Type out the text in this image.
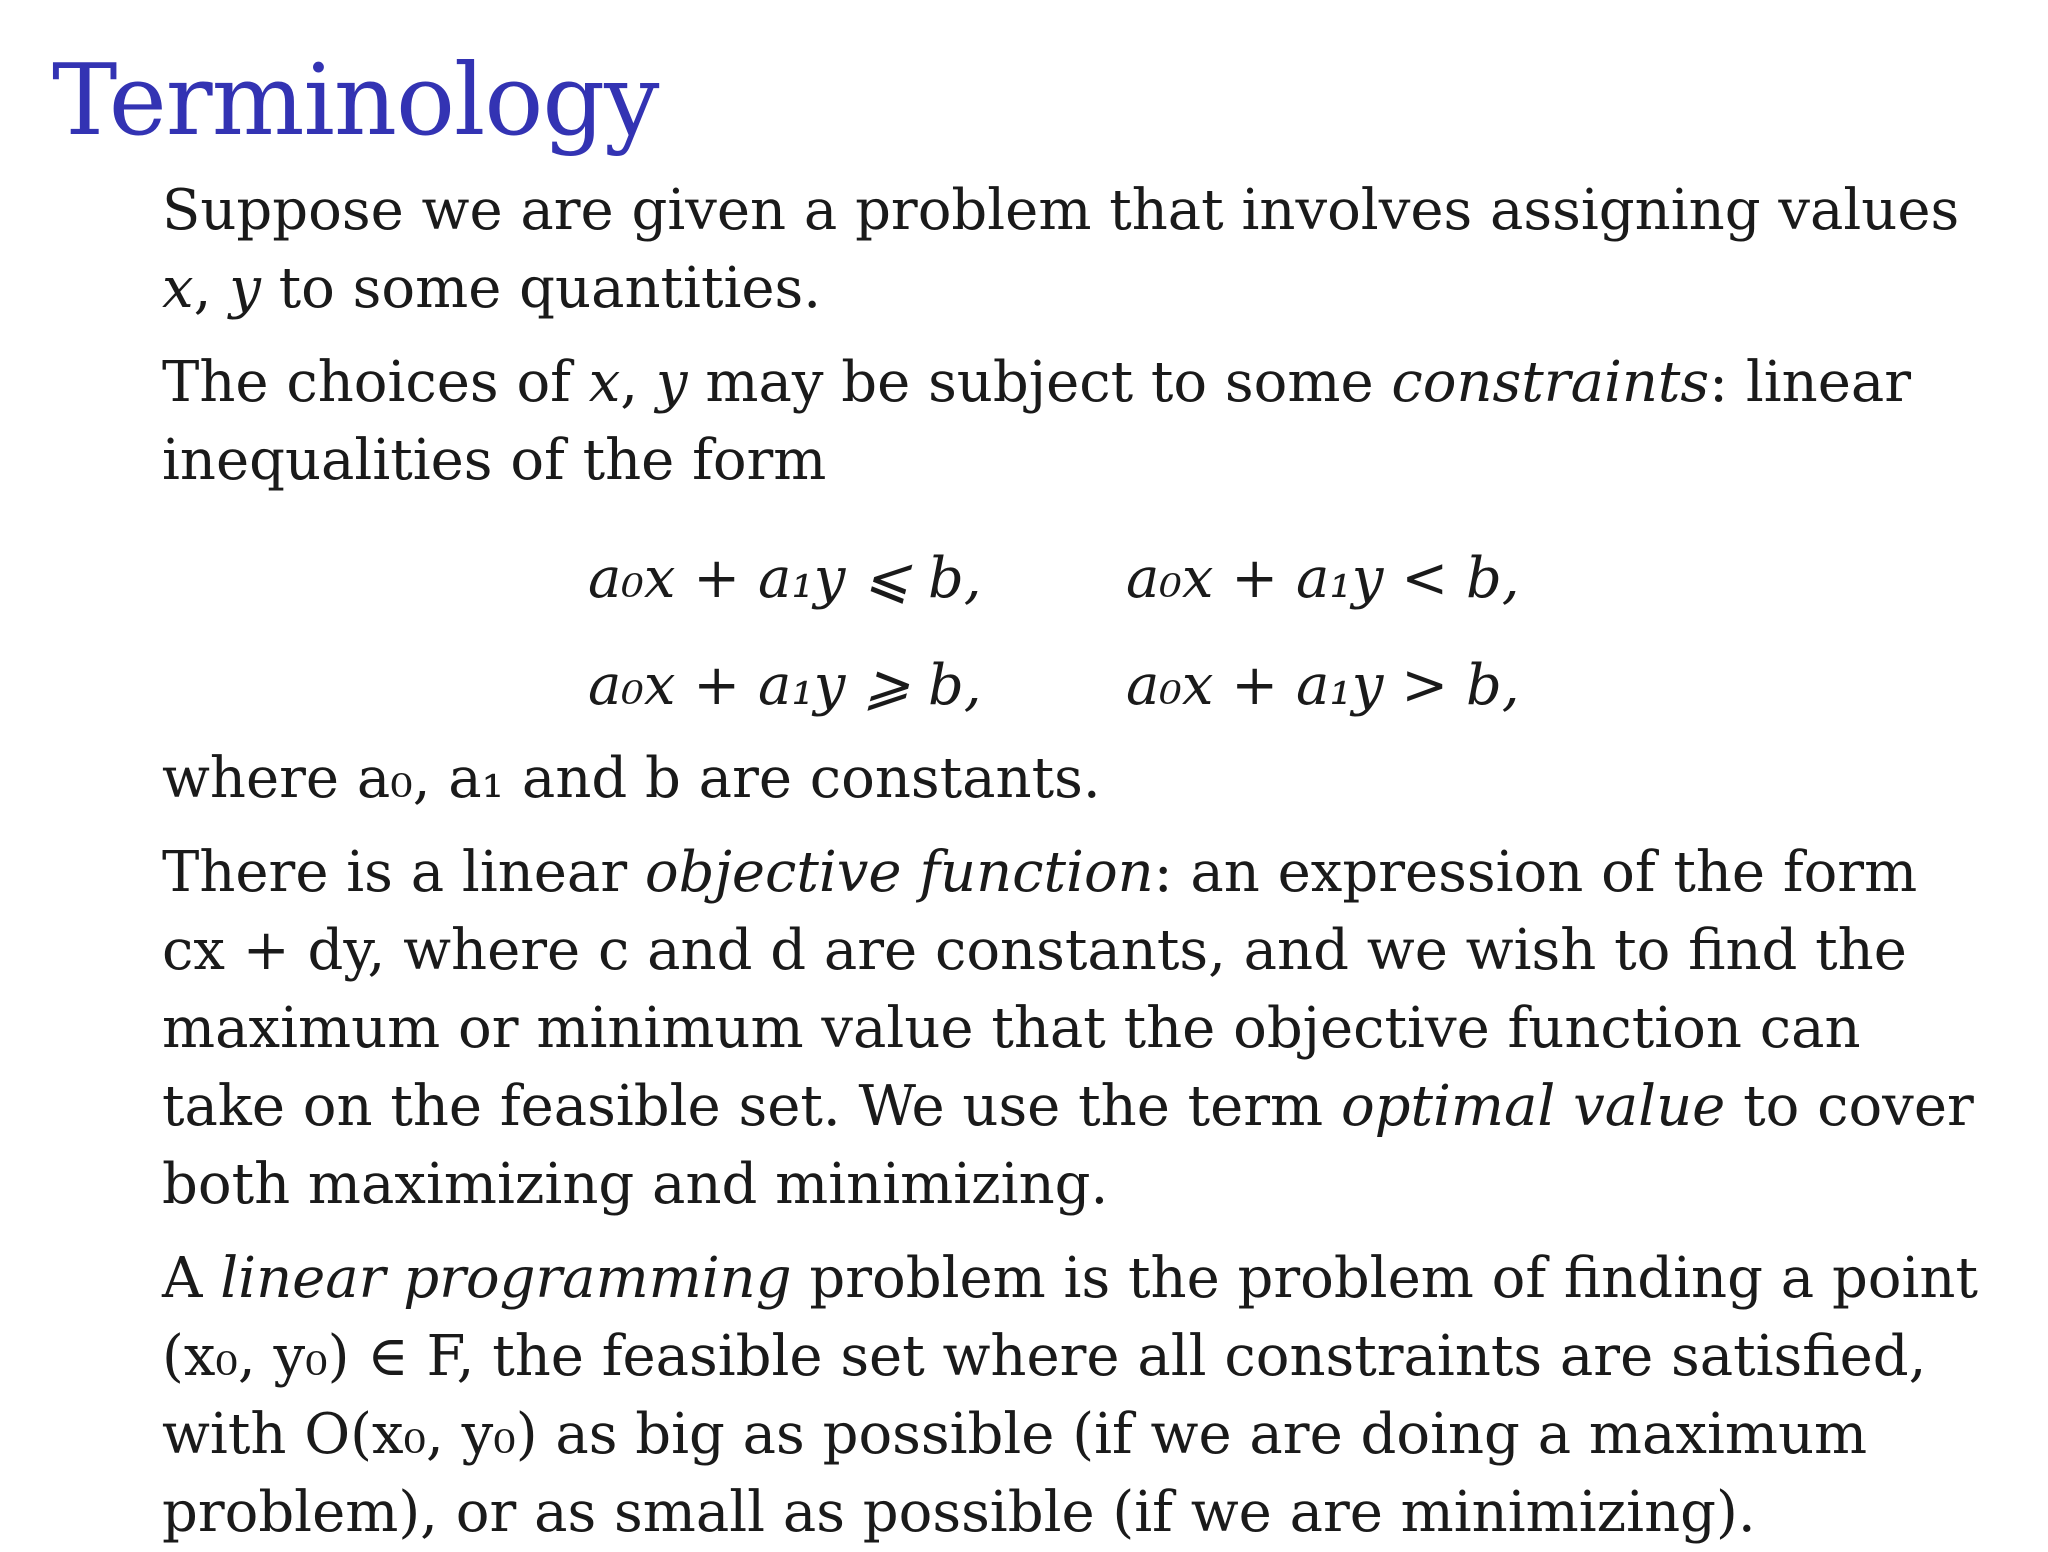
Terminology

Suppose we are given a problem that involves assigning values
x, y to some quantities.

The choices of x, y may be subject to some constraints: linear
inequalities of the form

a₀x + a₁y ⩽ b,	a₀x + a₁y < b,
a₀x + a₁y ⩾ b,	a₀x + a₁y > b,

where a₀, a₁ and b are constants.

There is a linear objective function: an expression of the form
cx + dy, where c and d are constants, and we wish to find the
maximum or minimum value that the objective function can
take on the feasible set. We use the term optimal value to cover
both maximizing and minimizing.

A linear programming problem is the problem of finding a point
(x₀, y₀) ∈ F, the feasible set where all constraints are satisfied,
with O(x₀, y₀) as big as possible (if we are doing a maximum
problem), or as small as possible (if we are minimizing).
